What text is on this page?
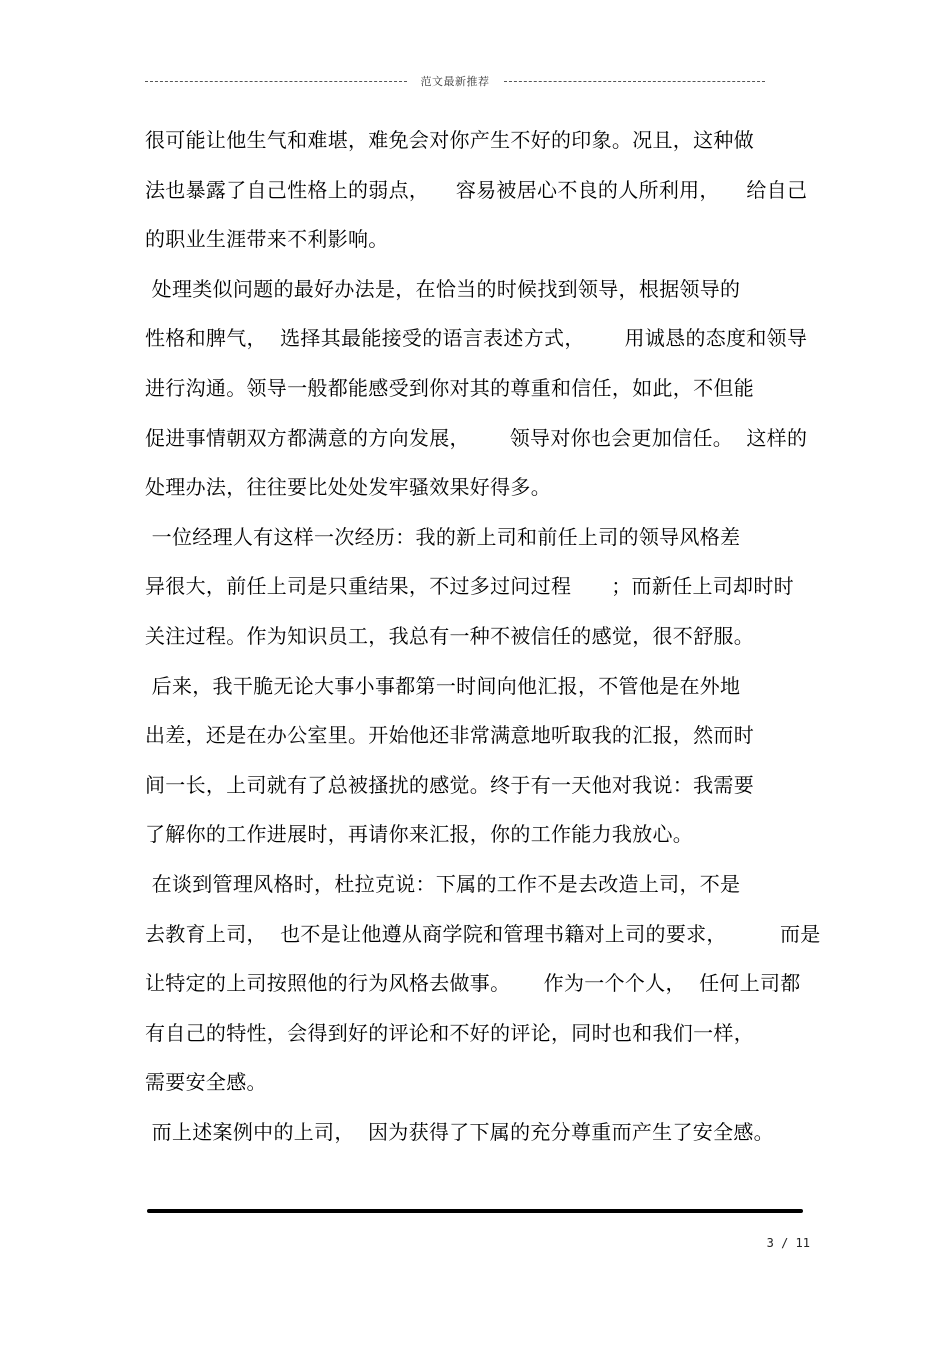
范文最新推荐
很可能让他生气和难堪，难免会对你产生不好的印象。况且，这种做
法也暴露了自己性格上的弱点，    容易被居心不良的人所利用，    给自己
的职业生涯带来不利影响。
处理类似问题的最好办法是，在恰当的时候找到领导，根据领导的
性格和脾气，  选择其最能接受的语言表述方式，      用诚恳的态度和领导
进行沟通。领导一般都能感受到你对其的尊重和信任，如此，不但能
促进事情朝双方都满意的方向发展，      领导对你也会更加信任。  这样的
处理办法，往往要比处处发牢骚效果好得多。
一位经理人有这样一次经历：我的新上司和前任上司的领导风格差
异很大，前任上司是只重结果，不过多过问过程      ；而新任上司却时时
关注过程。作为知识员工，我总有一种不被信任的感觉，很不舒服。
后来，我干脆无论大事小事都第一时间向他汇报，不管他是在外地
出差，还是在办公室里。开始他还非常满意地听取我的汇报，然而时
间一长，上司就有了总被搔扰的感觉。终于有一天他对我说：我需要
了解你的工作进展时，再请你来汇报，你的工作能力我放心。
在谈到管理风格时，杜拉克说：下属的工作不是去改造上司，不是
去教育上司，  也不是让他遵从商学院和管理书籍对上司的要求，        而是
让特定的上司按照他的行为风格去做事。     作为一个个人，  任何上司都
有自己的特性，会得到好的评论和不好的评论，同时也和我们一样，
需要安全感。
而上述案例中的上司，  因为获得了下属的充分尊重而产生了安全感。
3 / 11
